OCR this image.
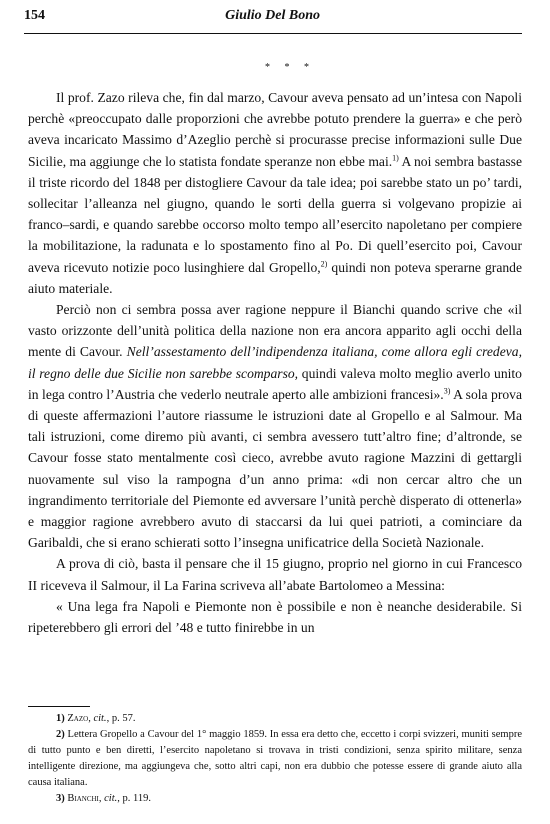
154	Giulio Del Bono
* * *

Il prof. Zazo rileva che, fin dal marzo, Cavour aveva pensato ad un’intesa con Napoli perchè «preoccupato dalle proporzioni che avrebbe potuto prendere la guerra» e che però aveva incaricato Massimo d’Azeglio perchè si procurasse precise informazioni sulle Due Sicilie, ma aggiunge che lo statista fondate speranze non ebbe mai.$^{1)}$ A noi sembra bastasse il triste ricordo del 1848 per distogliere Cavour da tale idea; poi sarebbe stato un po’ tardi, sollecitar l’alleanza nel giugno, quando le sorti della guerra si volgevano propizie ai franco–sardi, e quando sarebbe occorso molto tempo all’esercito napoletano per compiere la mobilitazione, la radunata e lo spostamento fino al Po. Di quell’esercito poi, Cavour aveva ricevuto notizie poco lusinghiere dal Gropello,$^{2)}$ quindi non poteva sperarne grande aiuto materiale.

Perciò non ci sembra possa aver ragione neppure il Bianchi quando scrive che «il vasto orizzonte dell’unità politica della nazione non era ancora apparito agli occhi della mente di Cavour. Nell’assestamento dell’indipendenza italiana, come allora egli credeva, il regno delle due Sicilie non sarebbe scomparso, quindi valeva molto meglio averlo unito in lega contro l’Austria che vederlo neutrale aperto alle ambizioni francesi».$^{3)}$ A sola prova di queste affermazioni l’autore riassume le istruzioni date al Gropello e al Salmour. Ma tali istruzioni, come diremo più avanti, ci sembra avessero tutt’altro fine; d’altronde, se Cavour fosse stato mentalmente così cieco, avrebbe avuto ragione Mazzini di gettargli nuovamente sul viso la rampogna d’un anno prima: «di non cercar altro che un ingrandimento territoriale del Piemonte ed avversare l’unità perchè disperato di ottenerla» e maggior ragione avrebbero avuto di staccarsi da lui quei patrioti, a cominciare da Garibaldi, che si erano schierati sotto l’insegna unificatrice della Società Nazionale.

A prova di ciò, basta il pensare che il 15 giugno, proprio nel giorno in cui Francesco II riceveva il Salmour, il La Farina scriveva all’abate Bartolomeo a Messina:

« Una lega fra Napoli e Piemonte non è possibile e non è neanche desiderabile. Si ripeterebbero gli errori del ’48 e tutto finirebbe in un

1) Zazo, cit., p. 57.

2) Lettera Gropello a Cavour del 1° maggio 1859. In essa era detto che, eccetto i corpi svizzeri, muniti sempre di tutto punto e ben diretti, l’esercito napoletano si trovava in tristi condizioni, senza spirito militare, senza intelligente direzione, ma aggiungeva che, sotto altri capi, non era dubbio che potesse essere di grande aiuto alla causa italiana.

3) Bianchi, cit., p. 119.
